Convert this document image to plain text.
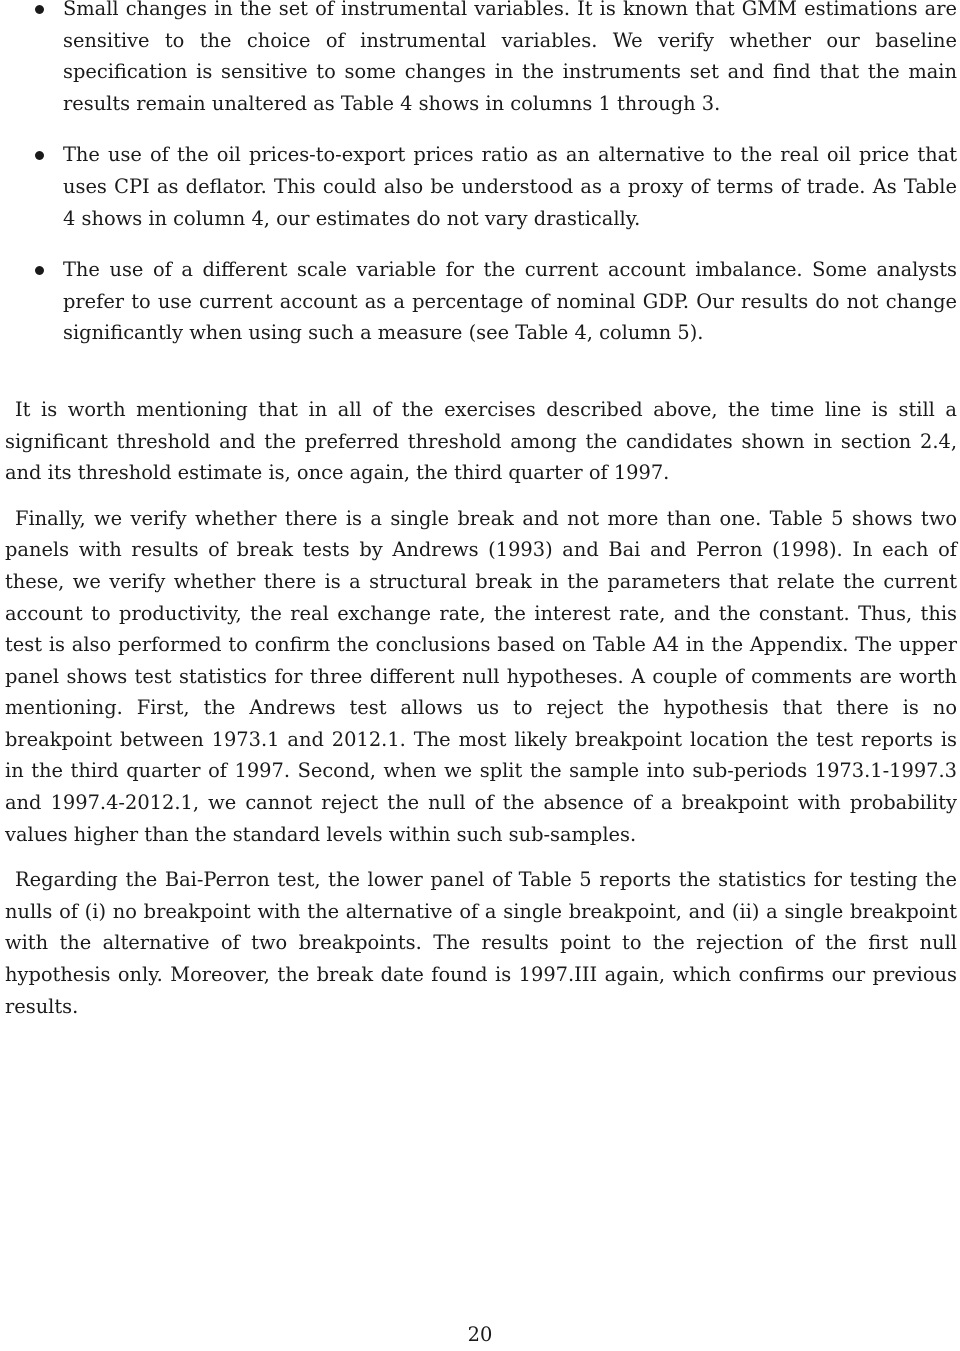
Small changes in the set of instrumental variables. It is known that GMM estimations are sensitive to the choice of instrumental variables. We verify whether our baseline specification is sensitive to some changes in the instruments set and find that the main results remain unaltered as Table 4 shows in columns 1 through 3.

The use of the oil prices-to-export prices ratio as an alternative to the real oil price that uses CPI as deflator. This could also be understood as a proxy of terms of trade. As Table 4 shows in column 4, our estimates do not vary drastically.

The use of a different scale variable for the current account imbalance. Some analysts prefer to use current account as a percentage of nominal GDP. Our results do not change significantly when using such a measure (see Table 4, column 5).

It is worth mentioning that in all of the exercises described above, the time line is still a significant threshold and the preferred threshold among the candidates shown in section 2.4, and its threshold estimate is, once again, the third quarter of 1997.

Finally, we verify whether there is a single break and not more than one. Table 5 shows two panels with results of break tests by Andrews (1993) and Bai and Perron (1998). In each of these, we verify whether there is a structural break in the parameters that relate the current account to productivity, the real exchange rate, the interest rate, and the constant. Thus, this test is also performed to confirm the conclusions based on Table A4 in the Appendix. The upper panel shows test statistics for three different null hypotheses. A couple of comments are worth mentioning. First, the Andrews test allows us to reject the hypothesis that there is no breakpoint between 1973.1 and 2012.1. The most likely breakpoint location the test reports is in the third quarter of 1997. Second, when we split the sample into sub-periods 1973.1-1997.3 and 1997.4-2012.1, we cannot reject the null of the absence of a breakpoint with probability values higher than the standard levels within such sub-samples.

Regarding the Bai-Perron test, the lower panel of Table 5 reports the statistics for testing the nulls of (i) no breakpoint with the alternative of a single breakpoint, and (ii) a single breakpoint with the alternative of two breakpoints. The results point to the rejection of the first null hypothesis only. Moreover, the break date found is 1997.III again, which confirms our previous results.

20
